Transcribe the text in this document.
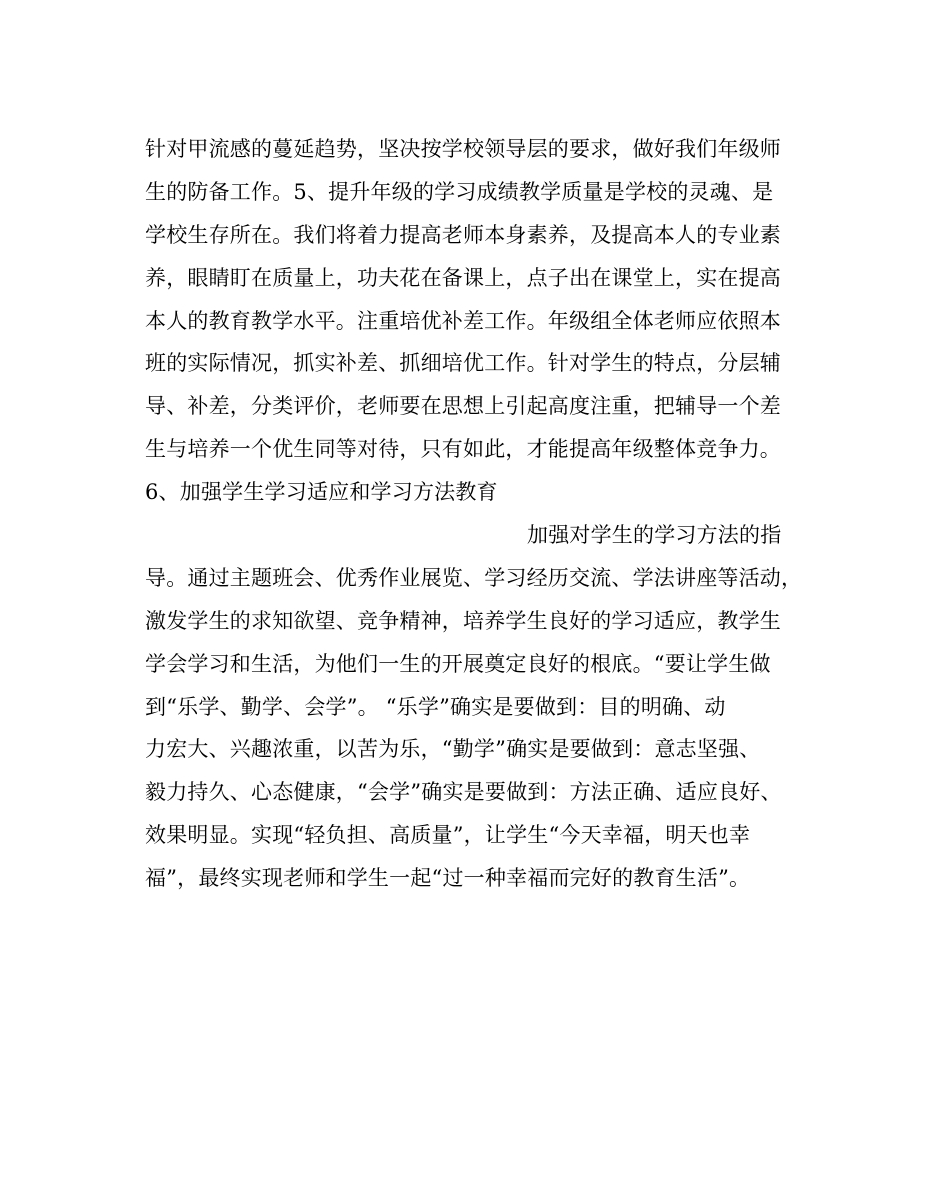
针对甲流感的蔓延趋势，坚决按学校领导层的要求，做好我们年级师
生的防备工作。5、提升年级的学习成绩教学质量是学校的灵魂、是
学校生存所在。我们将着力提高老师本身素养，及提高本人的专业素
养，眼睛盯在质量上，功夫花在备课上，点子出在课堂上，实在提高
本人的教育教学水平。注重培优补差工作。年级组全体老师应依照本
班的实际情况，抓实补差、抓细培优工作。针对学生的特点，分层辅
导、补差，分类评价，老师要在思想上引起高度注重，把辅导一个差
生与培养一个优生同等对待，只有如此，才能提高年级整体竞争力。
6、加强学生学习适应和学习方法教育
加强对学生的学习方法的指
导。通过主题班会、优秀作业展览、学习经历交流、学法讲座等活动，
激发学生的求知欲望、竞争精神，培养学生良好的学习适应，教学生
学会学习和生活，为他们一生的开展奠定良好的根底。“要让学生做
到“乐学、勤学、会学”。 “乐学”确实是要做到：目的明确、动
力宏大、兴趣浓重，以苦为乐，“勤学”确实是要做到：意志坚强、
毅力持久、心态健康，“会学”确实是要做到：方法正确、适应良好、
效果明显。实现“轻负担、高质量”，让学生“今天幸福，明天也幸
福”，最终实现老师和学生一起“过一种幸福而完好的教育生活”。
